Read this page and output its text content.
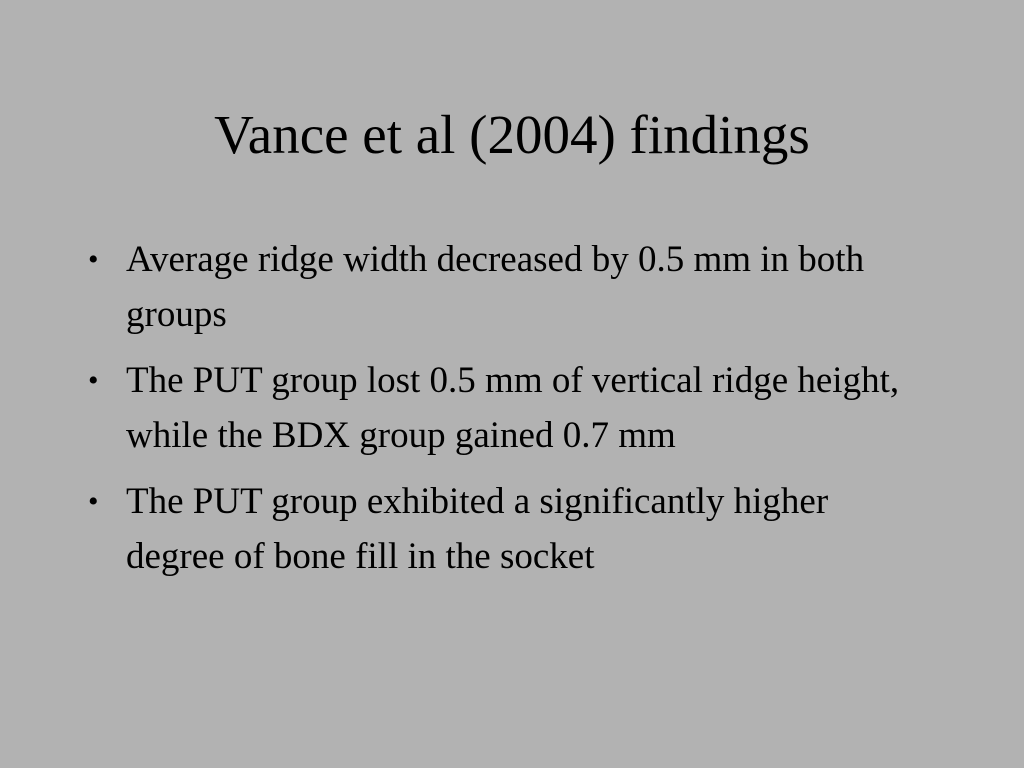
Vance et al (2004) findings
• Average ridge width decreased by 0.5 mm in both groups
• The PUT group lost 0.5 mm of vertical ridge height, while the BDX group gained 0.7 mm
• The PUT group exhibited a significantly higher degree of bone fill in the socket
